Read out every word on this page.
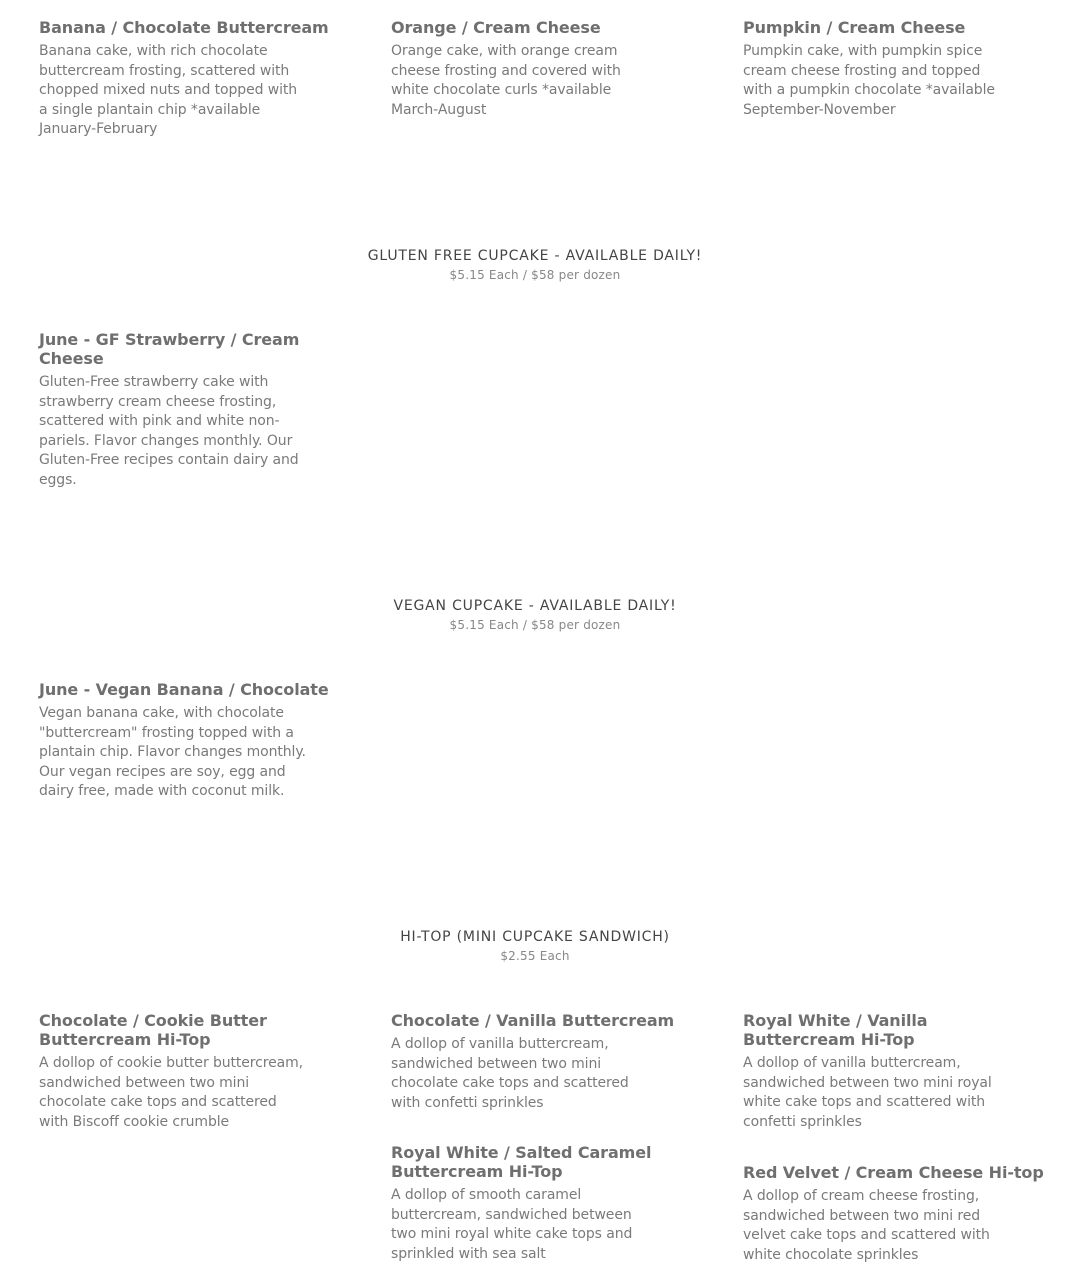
Banana / Chocolate Buttercream

Banana cake, with rich chocolate buttercream frosting, scattered with chopped mixed nuts and topped with a single plantain chip *available January-February

Orange / Cream Cheese

Orange cake, with orange cream cheese frosting and covered with white chocolate curls *available March-August

Pumpkin / Cream Cheese

Pumpkin cake, with pumpkin spice cream cheese frosting and topped with a pumpkin chocolate *available September-November

GLUTEN FREE CUPCAKE - AVAILABLE DAILY!
$5.15 Each / $58 per dozen
June - GF Strawberry / Cream Cheese

Gluten-Free strawberry cake with strawberry cream cheese frosting, scattered with pink and white non-pariels. Flavor changes monthly. Our Gluten-Free recipes contain dairy and eggs.

VEGAN CUPCAKE - AVAILABLE DAILY!
$5.15 Each / $58 per dozen
June - Vegan Banana / Chocolate

Vegan banana cake, with chocolate "buttercream" frosting topped with a plantain chip. Flavor changes monthly. Our vegan recipes are soy, egg and dairy free, made with coconut milk.

HI-TOP (MINI CUPCAKE SANDWICH)
$2.55 Each
Chocolate / Cookie Butter Buttercream Hi-Top

A dollop of cookie butter buttercream, sandwiched between two mini chocolate cake tops and scattered with Biscoff cookie crumble

Chocolate / Vanilla Buttercream

A dollop of vanilla buttercream, sandwiched between two mini chocolate cake tops and scattered with confetti sprinkles

Royal White / Vanilla Buttercream Hi-Top

A dollop of vanilla buttercream, sandwiched between two mini royal white cake tops and scattered with confetti sprinkles

Royal White / Salted Caramel Buttercream Hi-Top

A dollop of smooth caramel buttercream, sandwiched between two mini royal white cake tops and sprinkled with sea salt

Red Velvet / Cream Cheese Hi-top

A dollop of cream cheese frosting, sandwiched between two mini red velvet cake tops and scattered with white chocolate sprinkles
